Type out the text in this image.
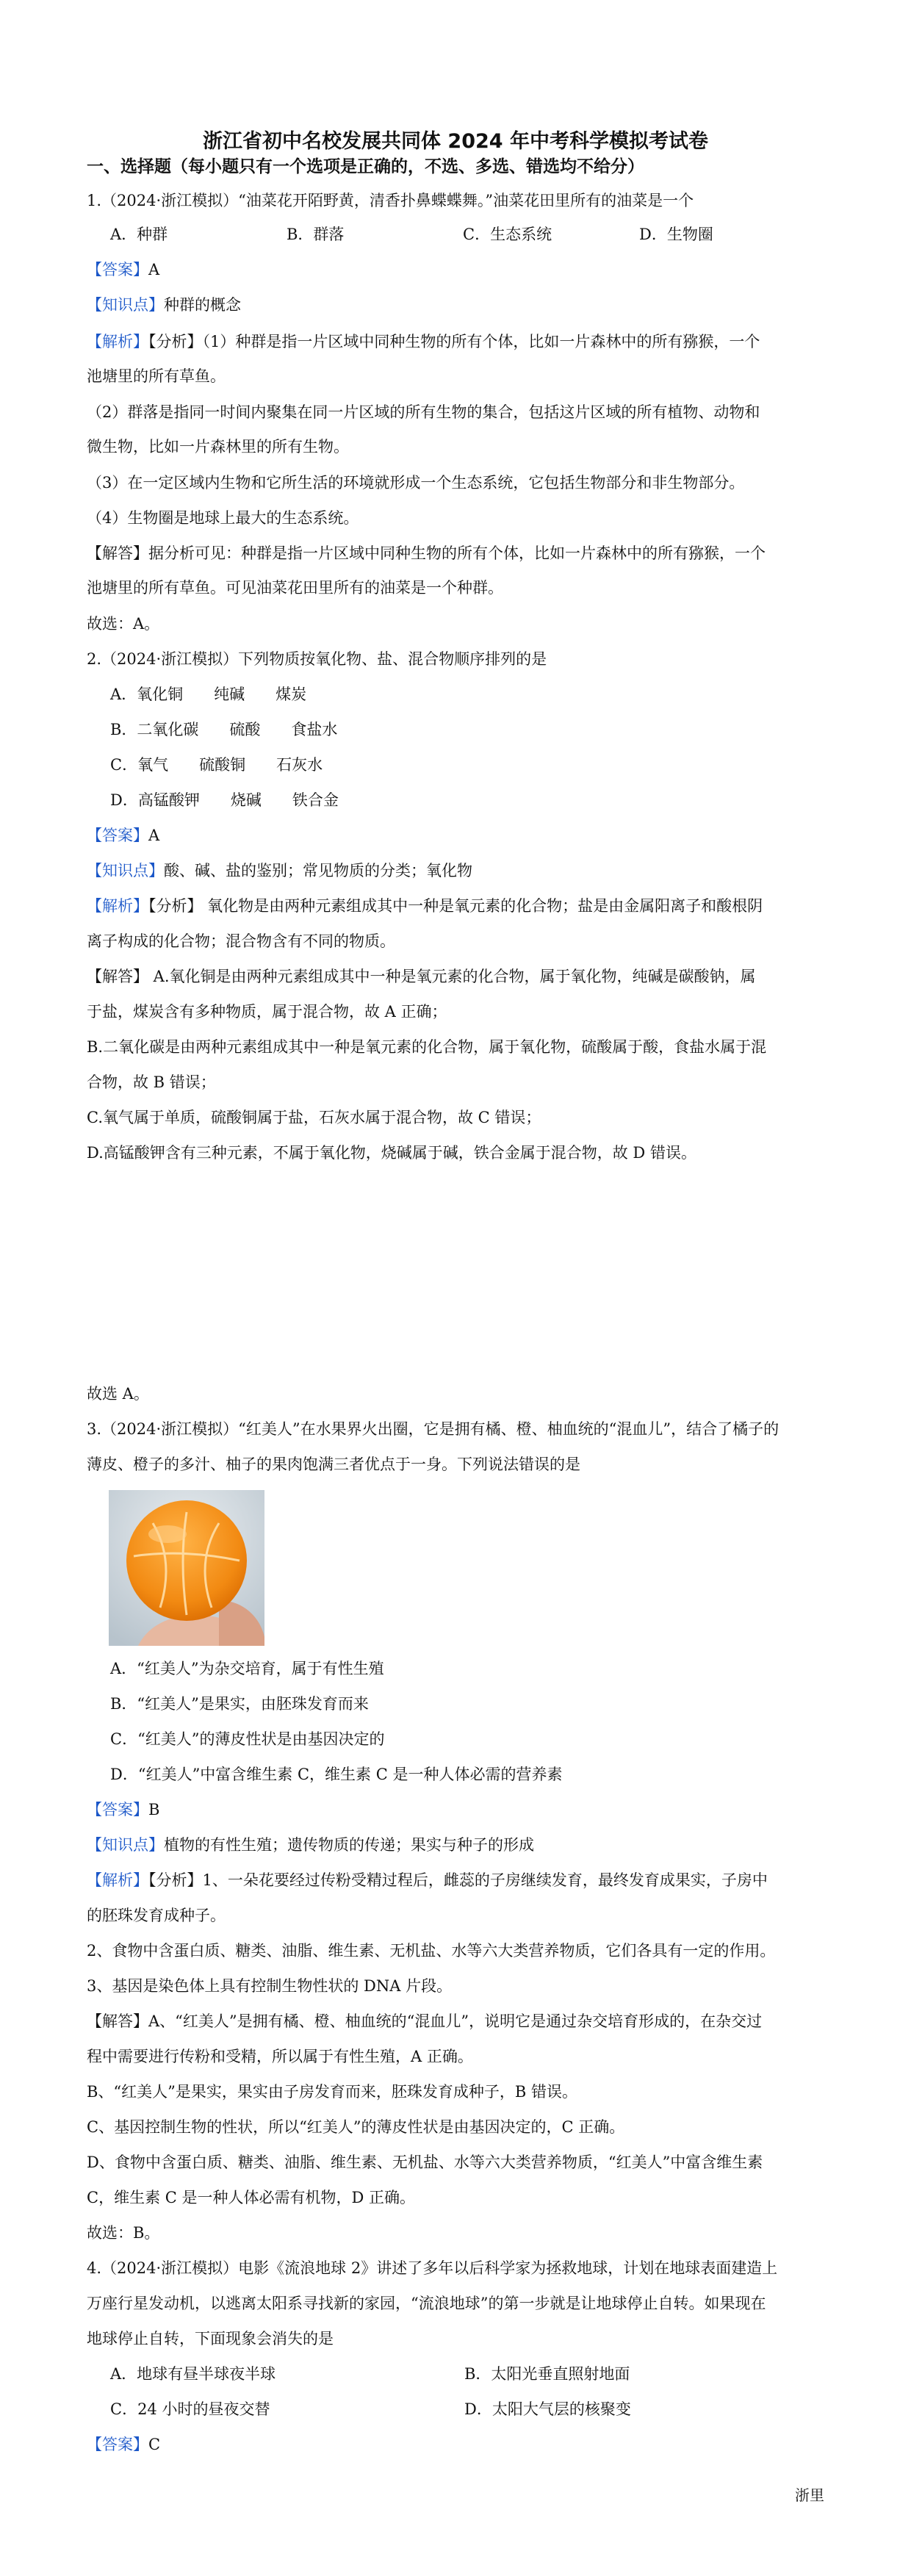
浙江省初中名校发展共同体 2024 年中考科学模拟考试卷
一、选择题（每小题只有一个选项是正确的，不选、多选、错选均不给分）
1.（2024·浙江模拟）“油菜花开陌野黄，清香扑鼻蝶蝶舞。”油菜花田里所有的油菜是一个
A．种群	B．群落	C．生态系统	D．生物圈
【答案】A
【知识点】种群的概念
【解析】【分析】（1）种群是指一片区域中同种生物的所有个体，比如一片森林中的所有猕猴，一个
池塘里的所有草鱼。
（2）群落是指同一时间内聚集在同一片区域的所有生物的集合，包括这片区域的所有植物、动物和
微生物，比如一片森林里的所有生物。
（3）在一定区域内生物和它所生活的环境就形成一个生态系统，它包括生物部分和非生物部分。
（4）生物圈是地球上最大的生态系统。
【解答】据分析可见：种群是指一片区域中同种生物的所有个体，比如一片森林中的所有猕猴，一个
池塘里的所有草鱼。可见油菜花田里所有的油菜是一个种群。
故选：A。
2.（2024·浙江模拟）下列物质按氧化物、盐、混合物顺序排列的是
A．氧化铜　　纯碱　　煤炭
B．二氧化碳　　硫酸　　食盐水
C．氧气　　硫酸铜　　石灰水
D．高锰酸钾　　烧碱　　铁合金
【答案】A
【知识点】酸、碱、盐的鉴别；常见物质的分类；氧化物
【解析】【分析】 氧化物是由两种元素组成其中一种是氧元素的化合物；盐是由金属阳离子和酸根阴
离子构成的化合物；混合物含有不同的物质。
【解答】 A.氧化铜是由两种元素组成其中一种是氧元素的化合物，属于氧化物，纯碱是碳酸钠，属
于盐，煤炭含有多种物质，属于混合物，故 A 正确；
B.二氧化碳是由两种元素组成其中一种是氧元素的化合物，属于氧化物，硫酸属于酸，食盐水属于混
合物，故 B 错误；
C.氧气属于单质，硫酸铜属于盐，石灰水属于混合物，故 C 错误；
D.高锰酸钾含有三种元素，不属于氧化物，烧碱属于碱，铁合金属于混合物，故 D 错误。
故选 A。
3.（2024·浙江模拟）“红美人”在水果界火出圈，它是拥有橘、橙、柚血统的“混血儿”，结合了橘子的
薄皮、橙子的多汁、柚子的果肉饱满三者优点于一身。下列说法错误的是
A．“红美人”为杂交培育，属于有性生殖
B．“红美人”是果实，由胚珠发育而来
C．“红美人”的薄皮性状是由基因决定的
D．“红美人”中富含维生素 C，维生素 C 是一种人体必需的营养素
【答案】B
【知识点】植物的有性生殖；遗传物质的传递；果实与种子的形成
【解析】【分析】1、一朵花要经过传粉受精过程后，雌蕊的子房继续发育，最终发育成果实，子房中
的胚珠发育成种子。
2、食物中含蛋白质、糖类、油脂、维生素、无机盐、水等六大类营养物质，它们各具有一定的作用。
3、基因是染色体上具有控制生物性状的 DNA 片段。
【解答】A、“红美人”是拥有橘、橙、柚血统的“混血儿”，说明它是通过杂交培育形成的，在杂交过
程中需要进行传粉和受精，所以属于有性生殖，A 正确。
B、“红美人”是果实，果实由子房发育而来，胚珠发育成种子，B 错误。
C、基因控制生物的性状，所以“红美人”的薄皮性状是由基因决定的，C 正确。
D、食物中含蛋白质、糖类、油脂、维生素、无机盐、水等六大类营养物质，“红美人”中富含维生素
C，维生素 C 是一种人体必需有机物，D 正确。
故选：B。
4.（2024·浙江模拟）电影《流浪地球 2》讲述了多年以后科学家为拯救地球，计划在地球表面建造上
万座行星发动机，以逃离太阳系寻找新的家园，“流浪地球”的第一步就是让地球停止自转。如果现在
地球停止自转，下面现象会消失的是
A．地球有昼半球夜半球	B．太阳光垂直照射地面
C．24 小时的昼夜交替	D．太阳大气层的核聚变
【答案】C
浙里
